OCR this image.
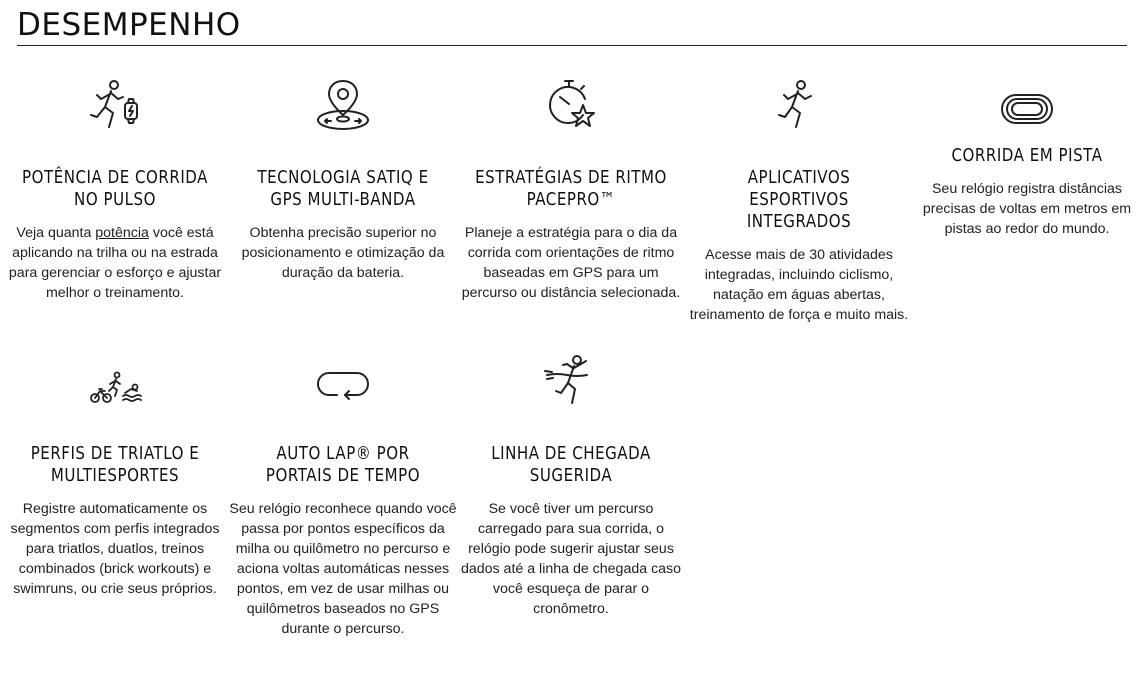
DESEMPENHO
POTÊNCIA DE CORRIDA NO PULSO

Veja quanta potência você está aplicando na trilha ou na estrada para gerenciar o esforço e ajustar melhor o treinamento.

TECNOLOGIA SATIQ E GPS MULTI-BANDA

Obtenha precisão superior no posicionamento e otimização da duração da bateria.

ESTRATÉGIAS DE RITMO PACEPRO™

Planeje a estratégia para o dia da corrida com orientações de ritmo baseadas em GPS para um percurso ou distância selecionada.

APLICATIVOS ESPORTIVOS INTEGRADOS

Acesse mais de 30 atividades integradas, incluindo ciclismo, natação em águas abertas, treinamento de força e muito mais.

CORRIDA EM PISTA

Seu relógio registra distâncias precisas de voltas em metros em pistas ao redor do mundo.

PERFIS DE TRIATLO E MULTIESPORTES

Registre automaticamente os segmentos com perfis integrados para triatlos, duatlos, treinos combinados (brick workouts) e swimruns, ou crie seus próprios.

AUTO LAP® POR PORTAIS DE TEMPO

Seu relógio reconhece quando você passa por pontos específicos da milha ou quilômetro no percurso e aciona voltas automáticas nesses pontos, em vez de usar milhas ou quilômetros baseados no GPS durante o percurso.

LINHA DE CHEGADA SUGERIDA

Se você tiver um percurso carregado para sua corrida, o relógio pode sugerir ajustar seus dados até a linha de chegada caso você esqueça de parar o cronômetro.
